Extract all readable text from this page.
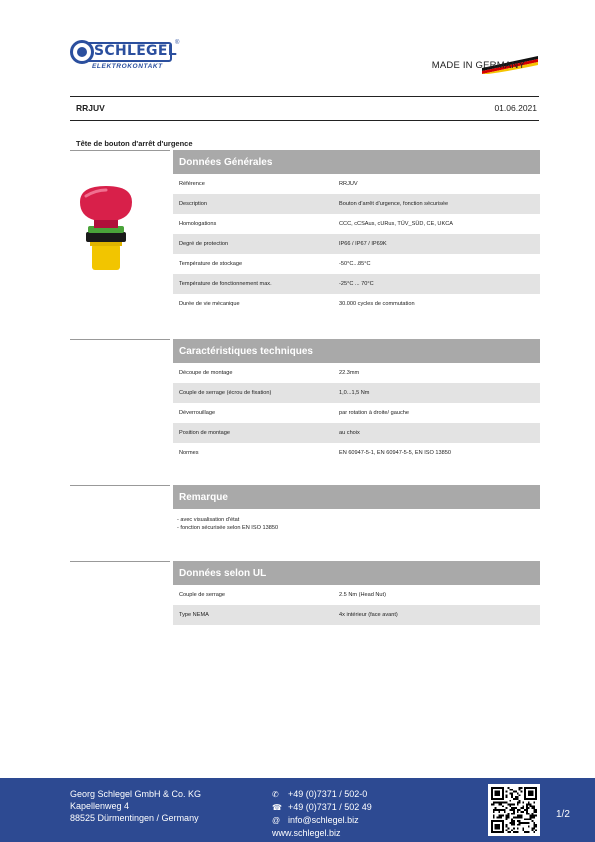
SCHLEGEL
®
ELEKTROKONTAKT	MADE IN GERMANY
RRJUV	01.06.2021
Tête de bouton d'arrêt d'urgence
Données Générales
Référence	RRJUV
Description	Bouton d'arrêt d'urgence, fonction sécurisée
Homologations	CCC, cCSAus, cURus, TÜV_SÜD, CE, UKCA
Degré de protection	IP66 / IP67 / IP69K
Température de stockage	-50°C...85°C
Température de fonctionnement max.	-25°C ... 70°C
Durée de vie mécanique	30.000 cycles de commutation
Caractéristiques techniques
Découpe de montage	22.3mm
Couple de serrage (écrou de fixation)	1,0...1,5 Nm
Déverrouillage	par rotation à droite/ gauche
Position de montage	au choix
Normes	EN 60947-5-1, EN 60947-5-5, EN ISO 13850
Remarque
- avec visualisation d'état
- fonction sécurisée selon EN ISO 13850
Données selon UL
Couple de serrage	2.5 Nm (Head Nut)
Type NEMA	4x intérieur (face avant)
Georg Schlegel GmbH & Co. KG
Kapellenweg 4
88525 Dürmentingen / Germany
✆ +49 (0)7371 / 502-0
☎ +49 (0)7371 / 502 49
@ info@schlegel.biz
www.schlegel.biz
1/2
